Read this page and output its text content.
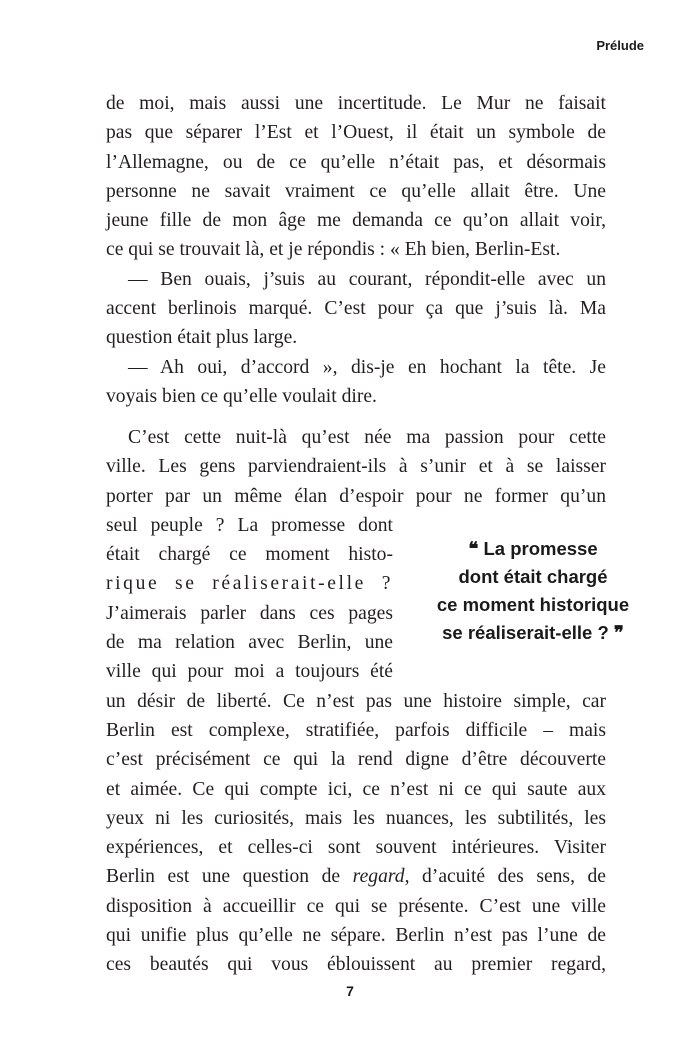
Prélude
de moi, mais aussi une incertitude. Le Mur ne faisait
pas que séparer l’Est et l’Ouest, il était un symbole de
l’Allemagne, ou de ce qu’elle n’était pas, et désormais
personne ne savait vraiment ce qu’elle allait être. Une
jeune fille de mon âge me demanda ce qu’on allait voir,
ce qui se trouvait là, et je répondis : « Eh bien, Berlin-Est.
— Ben ouais, j’suis au courant, répondit-elle avec un
accent berlinois marqué. C’est pour ça que j’suis là. Ma
question était plus large.
— Ah oui, d’accord », dis-je en hochant la tête. Je
voyais bien ce qu’elle voulait dire.
C’est cette nuit-là qu’est née ma passion pour cette
ville. Les gens parviendraient-ils à s’unir et à se laisser
porter par un même élan d’espoir pour ne former qu’un
seul peuple ? La promesse dont
était chargé ce moment histo-
rique se réaliserait-elle ?
J’aimerais parler dans ces pages
de ma relation avec Berlin, une
ville qui pour moi a toujours été
un désir de liberté. Ce n’est pas une histoire simple, car
Berlin est complexe, stratifiée, parfois difficile – mais
c’est précisément ce qui la rend digne d’être découverte
et aimée. Ce qui compte ici, ce n’est ni ce qui saute aux
yeux ni les curiosités, mais les nuances, les subtilités, les
expériences, et celles-ci sont souvent intérieures. Visiter
Berlin est une question de regard, d’acuité des sens, de
disposition à accueillir ce qui se présente. C’est une ville
qui unifie plus qu’elle ne sépare. Berlin n’est pas l’une de
ces beautés qui vous éblouissent au premier regard,
❝ La promesse
dont était chargé
ce moment historique
se réaliserait-elle ? ❞
7
